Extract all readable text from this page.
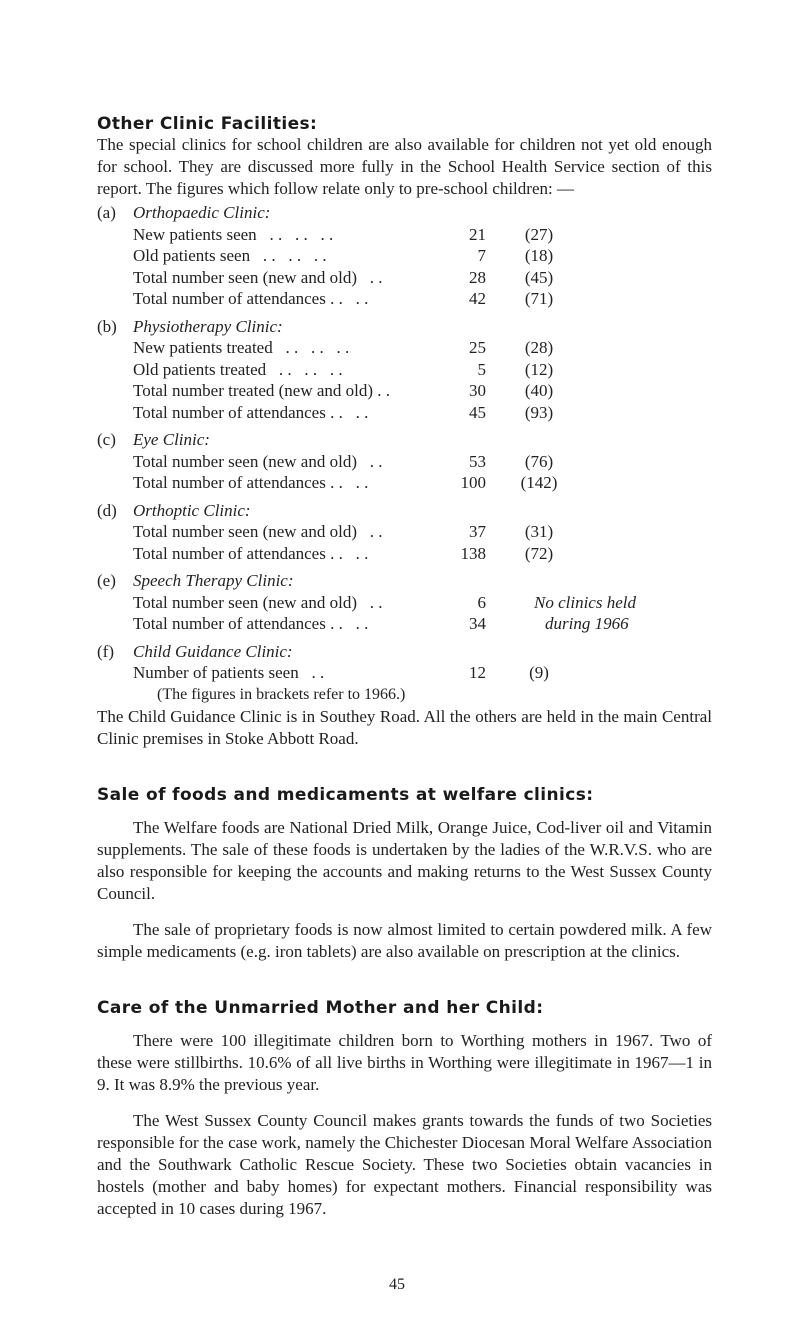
Other Clinic Facilities:

The special clinics for school children are also available for children not yet old enough for school. They are discussed more fully in the School Health Service section of this report. The figures which follow relate only to pre-school children: —

(a)	Orthopaedic Clinic:
New patients seen . .   . .   . .	21	(27)
Old patients seen . .   . .   . .	7	(18)
Total number seen (new and old) . .	28	(45)
Total number of attendances . . . .	42	(71)
(b) Physiotherapy Clinic:
New patients treated . .   . .   . .	25	(28)
Old patients treated . .   . .   . .	5	(12)
Total number treated (new and old) . .	30	(40)
Total number of attendances . . . .	45	(93)
(c)	Eye Clinic:
Total number seen (new and old) . .	53	(76)
Total number of attendances . . . .	100	(142)
(d) Orthoptic Clinic:
Total number seen (new and old) . .	37	(31)
Total number of attendances . . . .	138	(72)
(e)	Speech Therapy Clinic:
Total number seen (new and old) . .	6	No clinics held
Total number of attendances . . . .	34	during 1966
(f)	Child Guidance Clinic:
Number of patients seen . .	12	(9)
(The figures in brackets refer to 1966.)

The Child Guidance Clinic is in Southey Road. All the others are held in the main Central Clinic premises in Stoke Abbott Road.

Sale of foods and medicaments at welfare clinics:

The Welfare foods are National Dried Milk, Orange Juice, Cod-liver oil and Vitamin supplements. The sale of these foods is undertaken by the ladies of the W.R.V.S. who are also responsible for keeping the accounts and making returns to the West Sussex County Council.

The sale of proprietary foods is now almost limited to certain powdered milk. A few simple medicaments (e.g. iron tablets) are also available on prescription at the clinics.

Care of the Unmarried Mother and her Child:

There were 100 illegitimate children born to Worthing mothers in 1967. Two of these were stillbirths. 10.6% of all live births in Worthing were illegitimate in 1967—1 in 9. It was 8.9% the previous year.

The West Sussex County Council makes grants towards the funds of two Societies responsible for the case work, namely the Chichester Diocesan Moral Welfare Association and the Southwark Catholic Rescue Society. These two Societies obtain vacancies in hostels (mother and baby homes) for expectant mothers. Financial responsibility was accepted in 10 cases during 1967.

45
